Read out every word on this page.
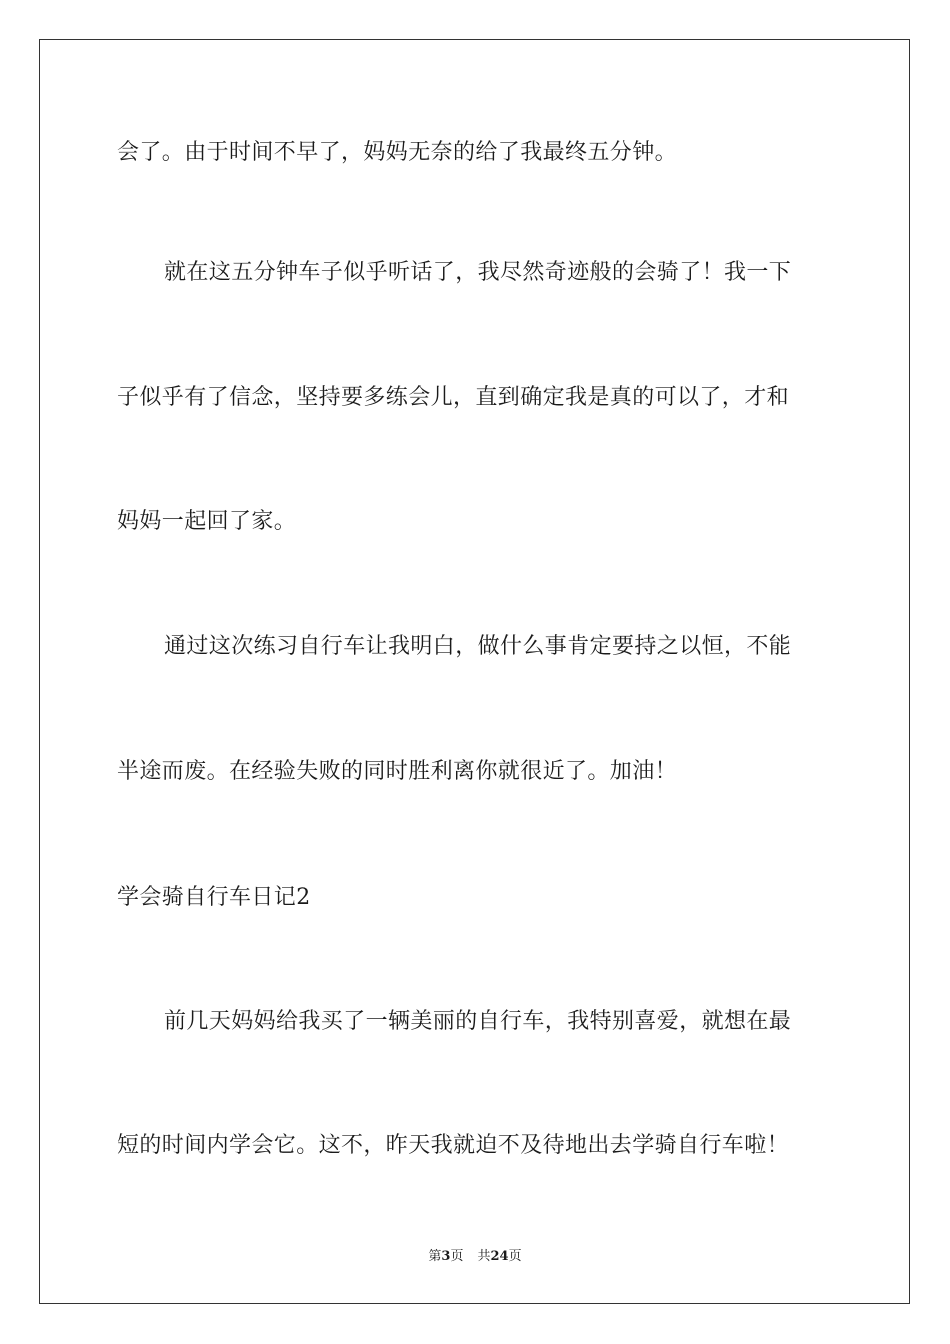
会了。由于时间不早了，妈妈无奈的给了我最终五分钟。
就在这五分钟车子似乎听话了，我尽然奇迹般的会骑了！我一下
子似乎有了信念，坚持要多练会儿，直到确定我是真的可以了，才和
妈妈一起回了家。
通过这次练习自行车让我明白，做什么事肯定要持之以恒，不能
半途而废。在经验失败的同时胜利离你就很近了。加油！
学会骑自行车日记2
前几天妈妈给我买了一辆美丽的自行车，我特别喜爱，就想在最
短的时间内学会它。这不，昨天我就迫不及待地出去学骑自行车啦！
第3页 共24页
